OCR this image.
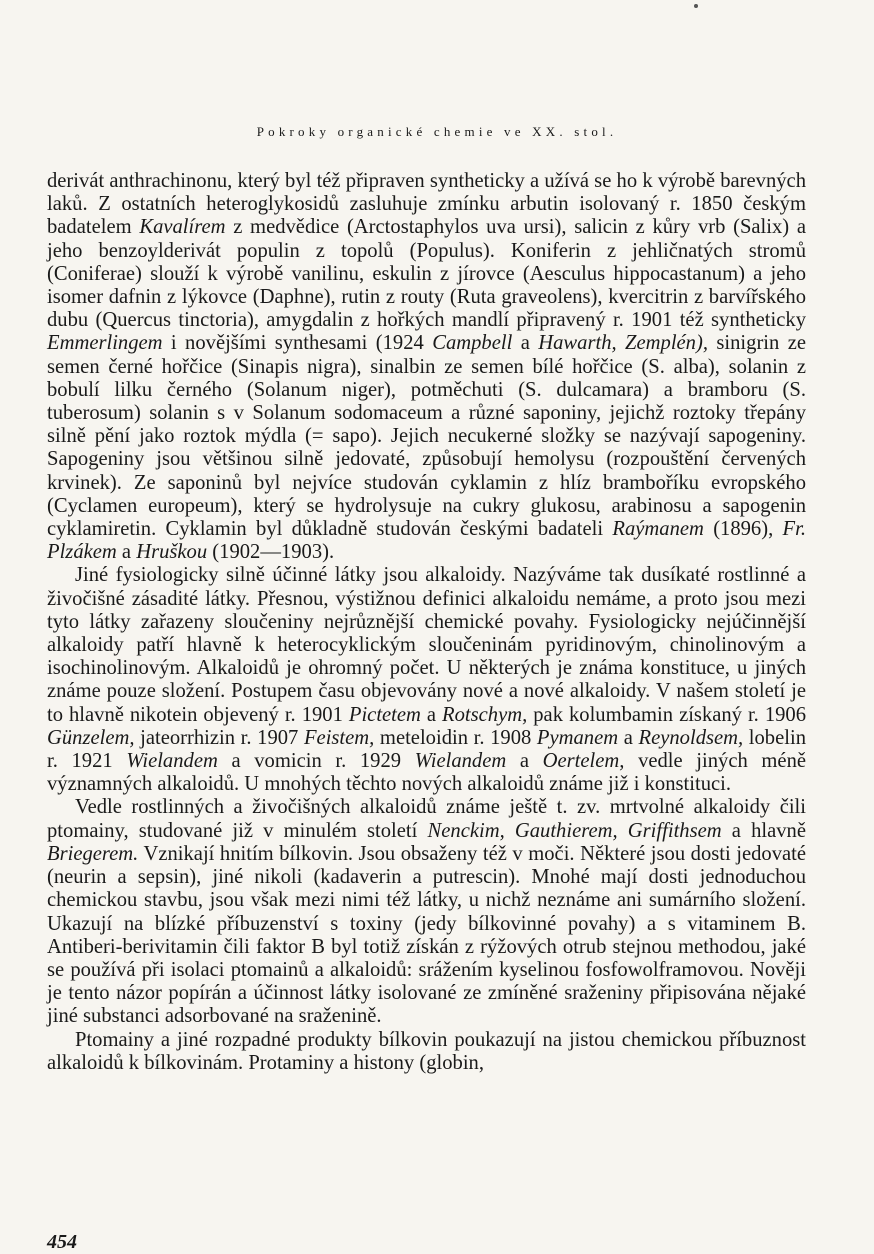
Pokroky organické chemie ve XX. stol.

derivát anthrachinonu, který byl též připraven syntheticky a užívá se ho k výrobě barevných laků. Z ostatních heteroglykosidů zasluhuje zmínku arbutin isolovaný r. 1850 českým badatelem Kavalírem z medvědice (Arctostaphylos uva ursi), salicin z kůry vrb (Salix) a jeho benzoylderivát populin z topolů (Populus). Koniferin z jehličnatých stromů (Coniferae) slouží k výrobě vanilinu, eskulin z jírovce (Aesculus hippocastanum) a jeho isomer dafnin z lýkovce (Daphne), rutin z routy (Ruta graveolens), kvercitrin z barvířského dubu (Quercus tinctoria), amygdalin z hořkých mandlí připravený r. 1901 též syntheticky Emmerlingem i novějšími synthesami (1924 Campbell a Hawarth, Zemplén), sinigrin ze semen černé hořčice (Sinapis nigra), sinalbin ze semen bílé hořčice (S. alba), solanin z bobulí lilku černého (Solanum niger), potměchuti (S. dulcamara) a bramboru (S. tuberosum) solanin s v Solanum sodomaceum a různé saponiny, jejichž roztoky třepány silně pění jako roztok mýdla (= sapo). Jejich necukerné složky se nazývají sapogeniny. Sapogeniny jsou většinou silně jedovaté, způsobují hemolysu (rozpouštění červených krvinek). Ze saponinů byl nejvíce studován cyklamin z hlíz bramboříku evropského (Cyclamen europeum), který se hydrolysuje na cukry glukosu, arabinosu a sapogenin cyklamiretin. Cyklamin byl důkladně studován českými badateli Raýmanem (1896), Fr. Plzákem a Hruškou (1902—1903).

Jiné fysiologicky silně účinné látky jsou alkaloidy. Nazýváme tak dusíkaté rostlinné a živočišné zásadité látky. Přesnou, výstižnou definici alkaloidu nemáme, a proto jsou mezi tyto látky zařazeny sloučeniny nejrůznější chemické povahy. Fysiologicky nejúčinnější alkaloidy patří hlavně k heterocyklickým sloučeninám pyridinovým, chinolinovým a isochinolinovým. Alkaloidů je ohromný počet. U některých je známa konstituce, u jiných známe pouze složení. Postupem času objevovány nové a nové alkaloidy. V našem století je to hlavně nikotein objevený r. 1901 Pictetem a Rotschym, pak kolumbamin získaný r. 1906 Günzelem, jateorrhizin r. 1907 Feistem, meteloidin r. 1908 Pymanem a Reynoldsem, lobelin r. 1921 Wielandem a vomicin r. 1929 Wielandem a Oertelem, vedle jiných méně významných alkaloidů. U mnohých těchto nových alkaloidů známe již i konstituci.

Vedle rostlinných a živočišných alkaloidů známe ještě t. zv. mrtvolné alkaloidy čili ptomainy, studované již v minulém století Nenckim, Gauthierem, Griffithsem a hlavně Briegerem. Vznikají hnitím bílkovin. Jsou obsaženy též v moči. Některé jsou dosti jedovaté (neurin a sepsin), jiné nikoli (kadaverin a putrescin). Mnohé mají dosti jednoduchou chemickou stavbu, jsou však mezi nimi též látky, u nichž neznáme ani sumárního složení. Ukazují na blízké příbuzenství s toxiny (jedy bílkovinné povahy) a s vitaminem B. Antiberi-berivitamin čili faktor B byl totiž získán z rýžových otrub stejnou methodou, jaké se používá při isolaci ptomainů a alkaloidů: srážením kyselinou fosfowolframovou. Nověji je tento názor popírán a účinnost látky isolované ze zmíněné sraženiny připisována nějaké jiné substanci adsorbované na sraženině.

Ptomainy a jiné rozpadné produkty bílkovin poukazují na jistou chemickou příbuznost alkaloidů k bílkovinám. Protaminy a histony (globin,

454
